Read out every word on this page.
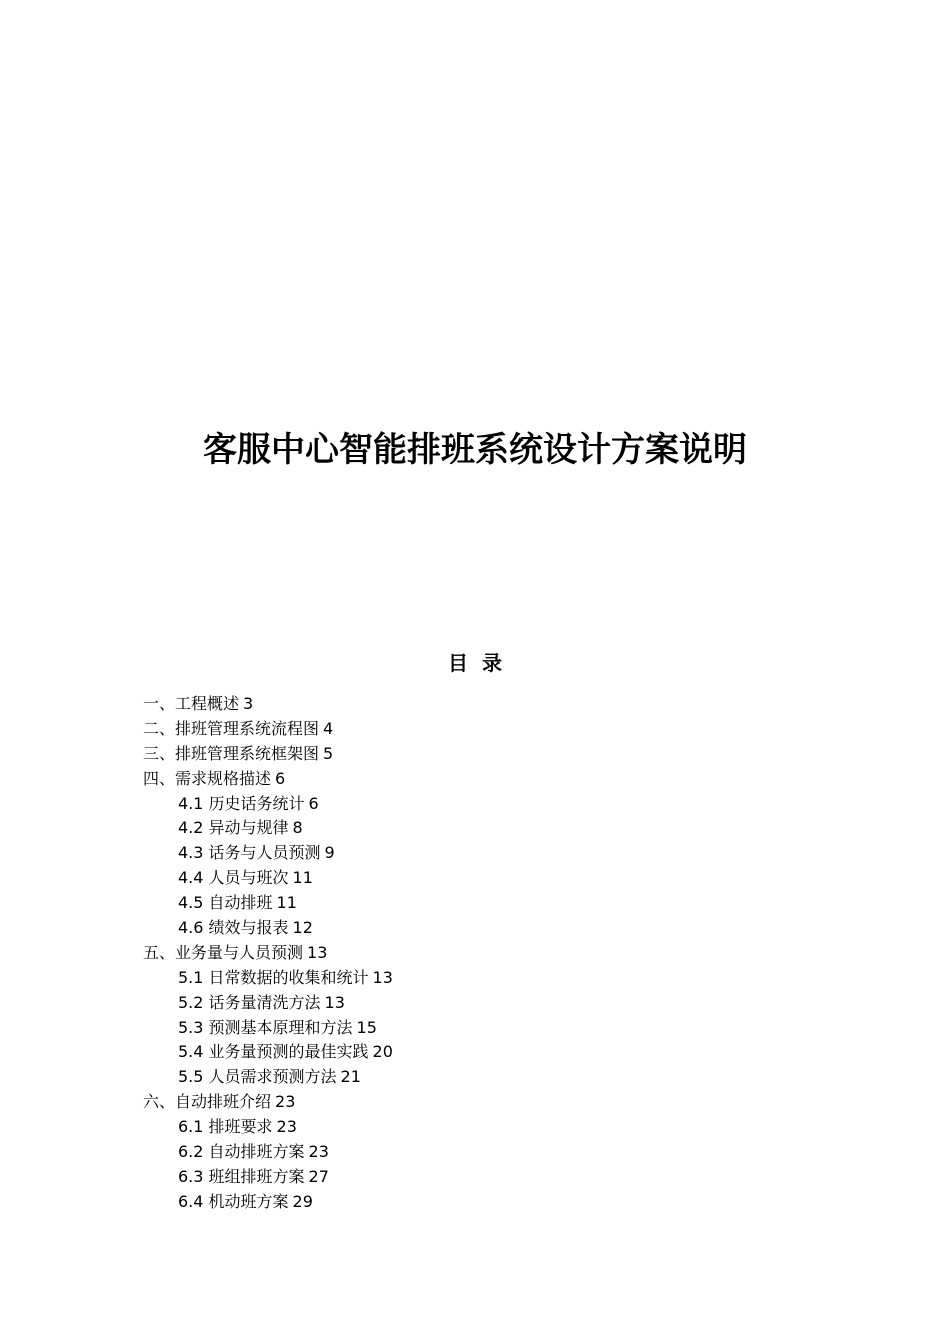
客服中心智能排班系统设计方案说明
目  录
一、工程概述 3
二、排班管理系统流程图 4
三、排班管理系统框架图 5
四、需求规格描述 6
4.1 历史话务统计 6
4.2 异动与规律 8
4.3 话务与人员预测 9
4.4 人员与班次 11
4.5 自动排班 11
4.6 绩效与报表 12
五、业务量与人员预测 13
5.1 日常数据的收集和统计 13
5.2 话务量清洗方法 13
5.3 预测基本原理和方法 15
5.4 业务量预测的最佳实践 20
5.5 人员需求预测方法 21
六、自动排班介绍 23
6.1 排班要求 23
6.2 自动排班方案 23
6.3 班组排班方案 27
6.4 机动班方案 29
